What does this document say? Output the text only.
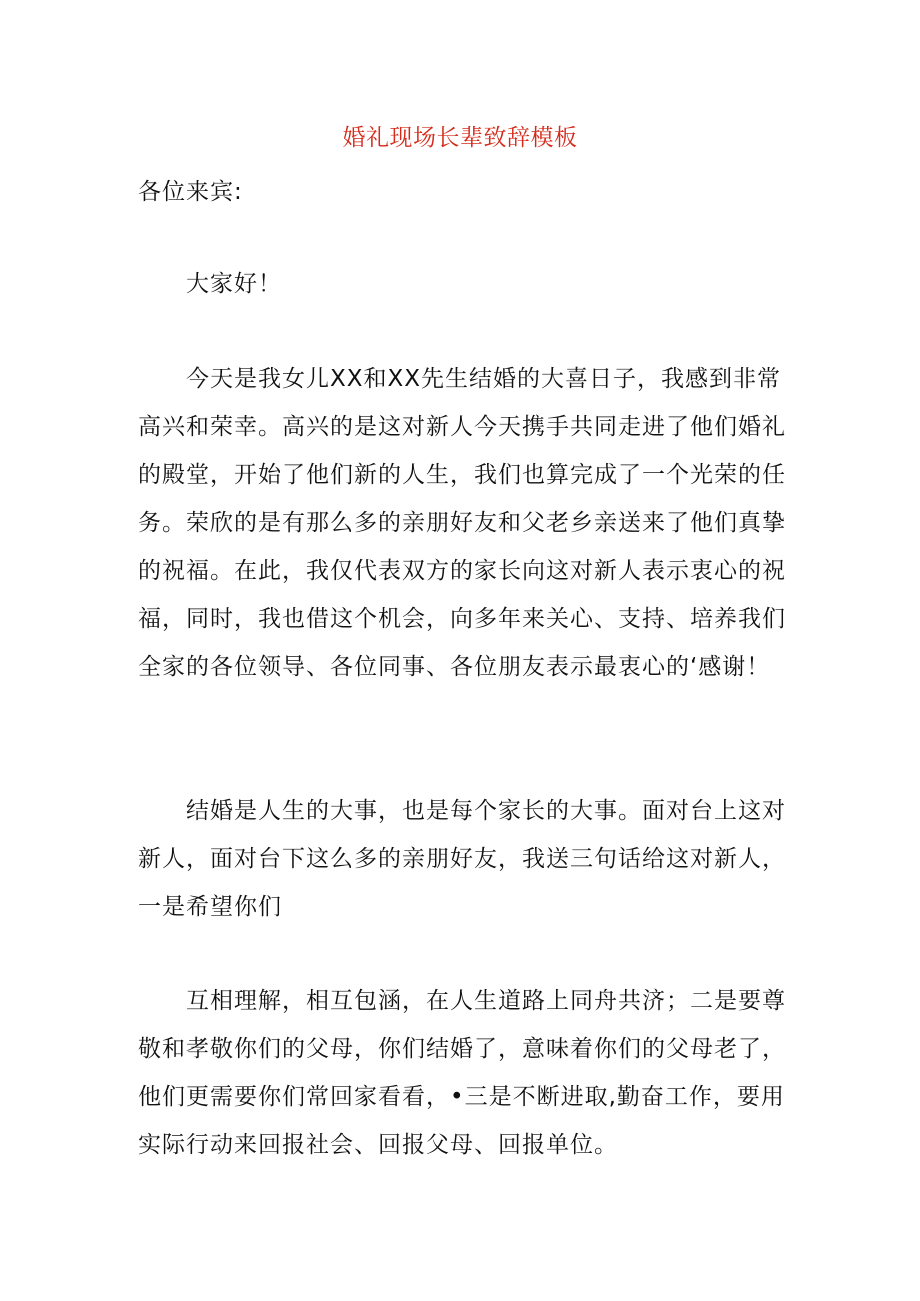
婚礼现场长辈致辞模板

各位来宾:

大家好！

今天是我女儿XX和XX先生结婚的大喜日子，我感到非常高兴和荣幸。高兴的是这对新人今天携手共同走进了他们婚礼的殿堂，开始了他们新的人生，我们也算完成了一个光荣的任务。荣欣的是有那么多的亲朋好友和父老乡亲送来了他们真挚的祝福。在此，我仅代表双方的家长向这对新人表示衷心的祝福，同时，我也借这个机会，向多年来关心、支持、培养我们全家的各位领导、各位同事、各位朋友表示最衷心的‘感谢！

结婚是人生的大事，也是每个家长的大事。面对台上这对新人，面对台下这么多的亲朋好友，我送三句话给这对新人，一是希望你们

互相理解，相互包涵，在人生道路上同舟共济；二是要尊敬和孝敬你们的父母，你们结婚了，意味着你们的父母老了，他们更需要你们常回家看看，•三是不断进取,勤奋工作，要用实际行动来回报社会、回报父母、回报单位。
